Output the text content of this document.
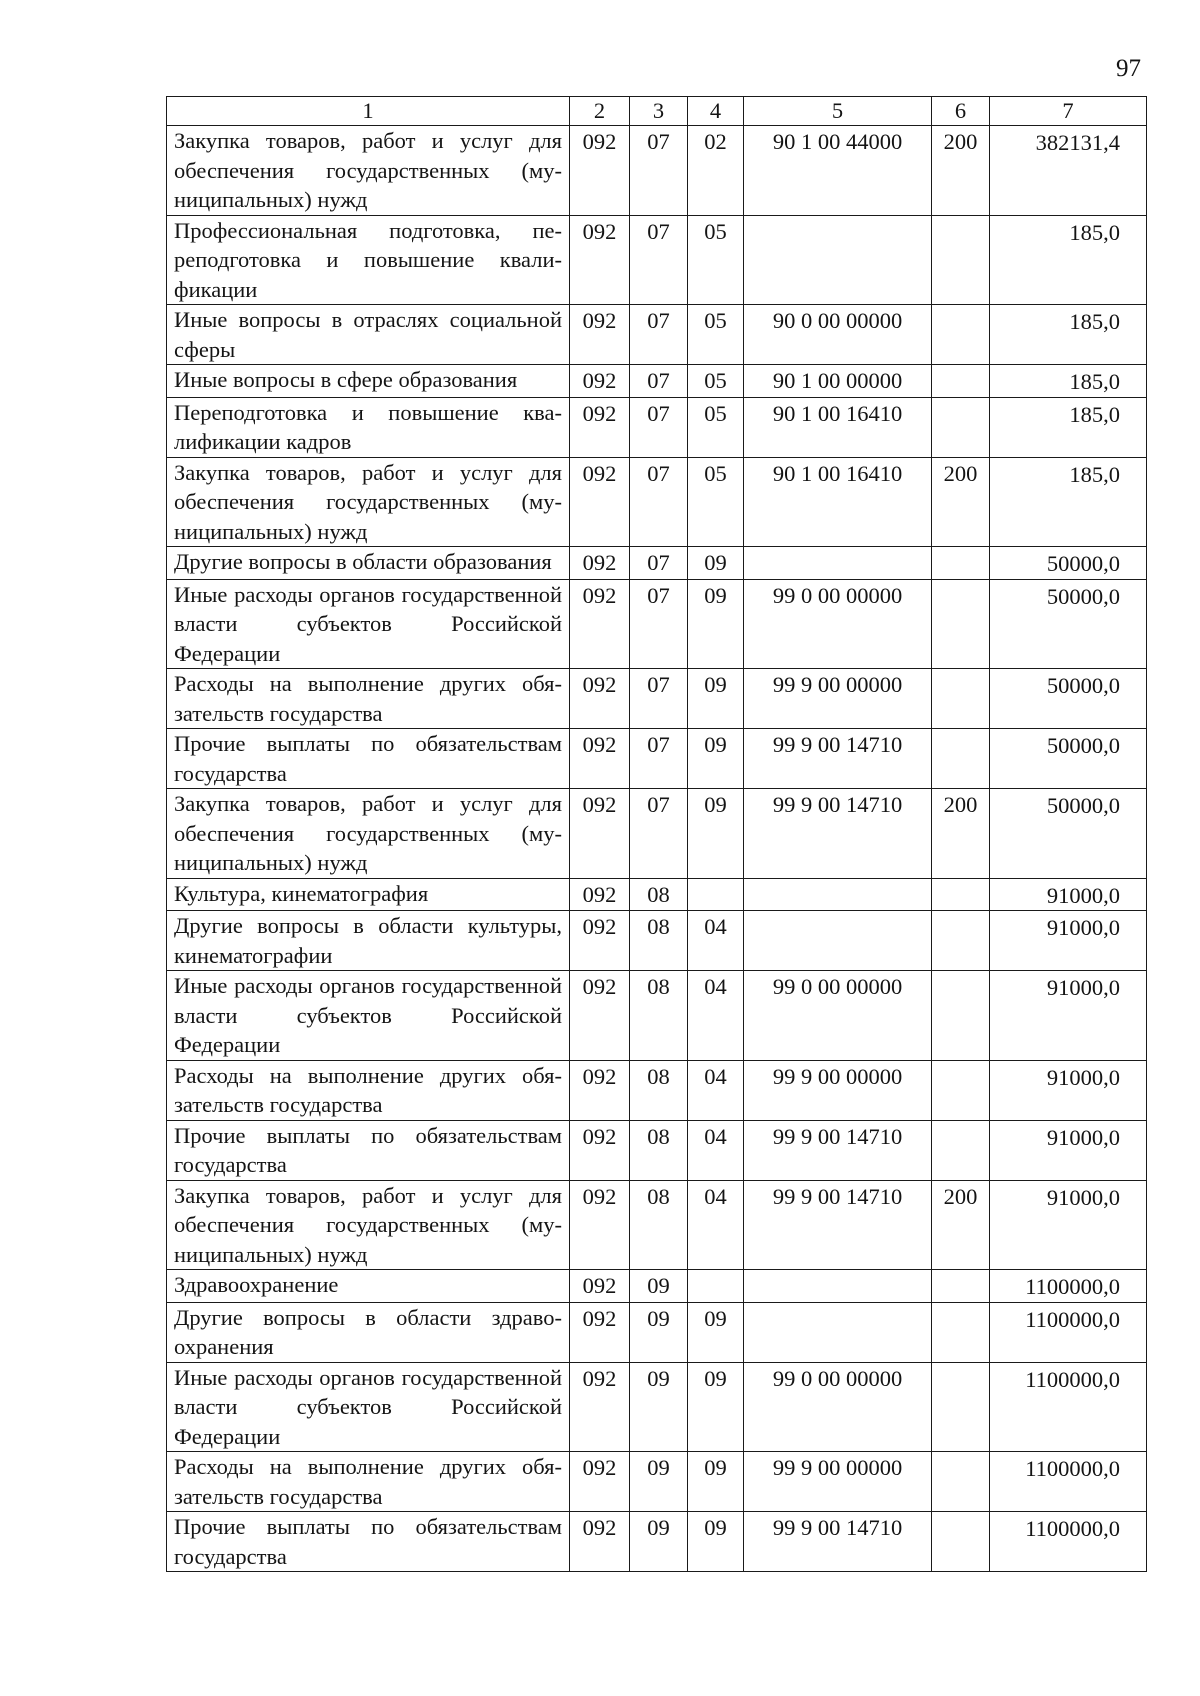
97
1	2	3	4	5	6	7
Закупка товаров, работ и услуг для обеспечения государственных (муниципальных) нужд	092	07	02	90 1 00 44000	200	382131,4
Профессиональная подготовка, переподготовка и повышение квалификации	092	07	05			185,0
Иные вопросы в отраслях социальной сферы	092	07	05	90 0 00 00000		185,0
Иные вопросы в сфере образования	092	07	05	90 1 00 00000		185,0
Переподготовка и повышение квалификации кадров	092	07	05	90 1 00 16410		185,0
Закупка товаров, работ и услуг для обеспечения государственных (муниципальных) нужд	092	07	05	90 1 00 16410	200	185,0
Другие вопросы в области образования	092	07	09			50000,0
Иные расходы органов государственной власти субъектов Российской Федерации	092	07	09	99 0 00 00000		50000,0
Расходы на выполнение других обязательств государства	092	07	09	99 9 00 00000		50000,0
Прочие выплаты по обязательствам государства	092	07	09	99 9 00 14710		50000,0
Закупка товаров, работ и услуг для обеспечения государственных (муниципальных) нужд	092	07	09	99 9 00 14710	200	50000,0
Культура, кинематография	092	08				91000,0
Другие вопросы в области культуры, кинематографии	092	08	04			91000,0
Иные расходы органов государственной власти субъектов Российской Федерации	092	08	04	99 0 00 00000		91000,0
Расходы на выполнение других обязательств государства	092	08	04	99 9 00 00000		91000,0
Прочие выплаты по обязательствам государства	092	08	04	99 9 00 14710		91000,0
Закупка товаров, работ и услуг для обеспечения государственных (муниципальных) нужд	092	08	04	99 9 00 14710	200	91000,0
Здравоохранение	092	09				1100000,0
Другие вопросы в области здравоохранения	092	09	09			1100000,0
Иные расходы органов государственной власти субъектов Российской Федерации	092	09	09	99 0 00 00000		1100000,0
Расходы на выполнение других обязательств государства	092	09	09	99 9 00 00000		1100000,0
Прочие выплаты по обязательствам государства	092	09	09	99 9 00 14710		1100000,0
